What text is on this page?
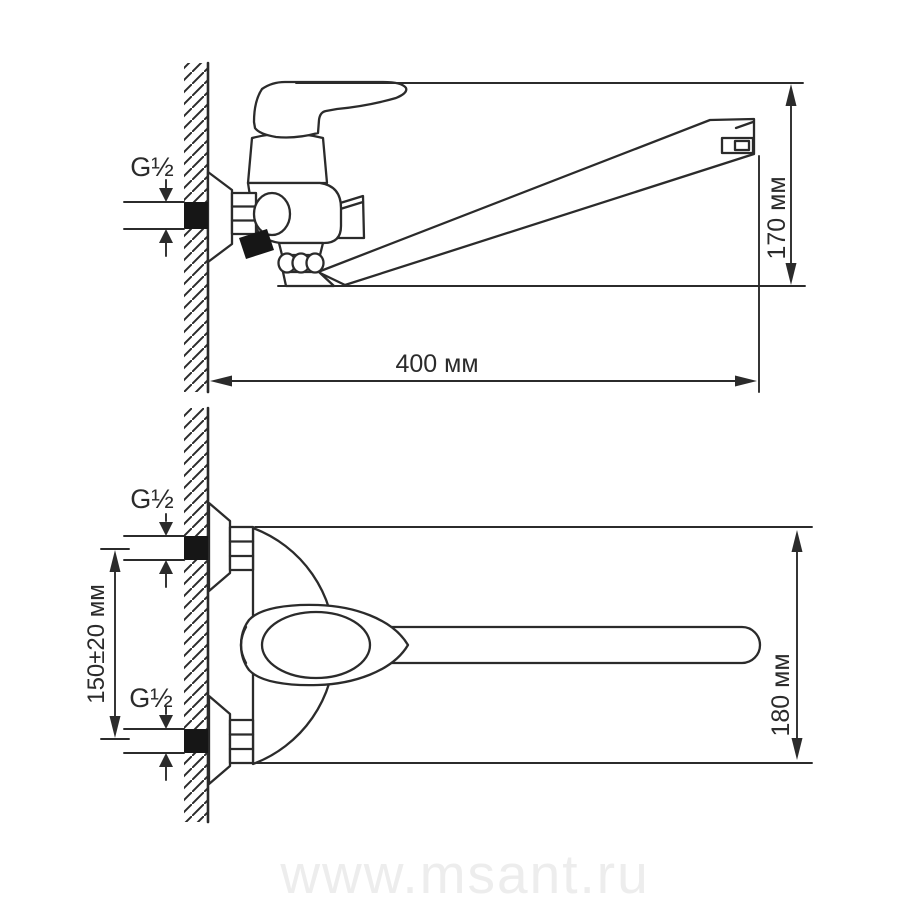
G½
170 мм
400 мм
G½
G½
150±20 мм	180 мм
www.msant.ru
